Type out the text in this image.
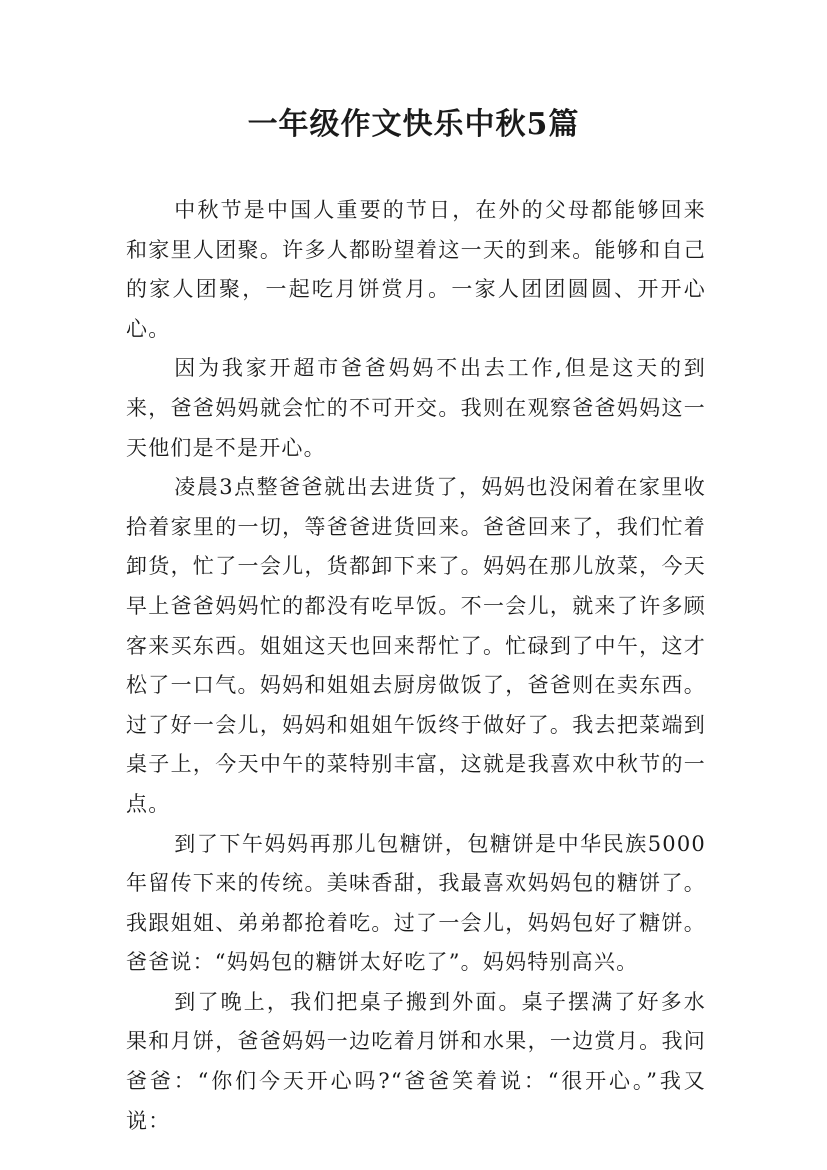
一年级作文快乐中秋5篇

中秋节是中国人重要的节日，在外的父母都能够回来和家里人团聚。许多人都盼望着这一天的到来。能够和自己的家人团聚，一起吃月饼赏月。一家人团团圆圆、开开心心。

因为我家开超市爸爸妈妈不出去工作,但是这天的到来，爸爸妈妈就会忙的不可开交。我则在观察爸爸妈妈这一天他们是不是开心。

凌晨3点整爸爸就出去进货了，妈妈也没闲着在家里收拾着家里的一切，等爸爸进货回来。爸爸回来了，我们忙着卸货，忙了一会儿，货都卸下来了。妈妈在那儿放菜，今天早上爸爸妈妈忙的都没有吃早饭。不一会儿，就来了许多顾客来买东西。姐姐这天也回来帮忙了。忙碌到了中午，这才松了一口气。妈妈和姐姐去厨房做饭了，爸爸则在卖东西。过了好一会儿，妈妈和姐姐午饭终于做好了。我去把菜端到桌子上，今天中午的菜特别丰富，这就是我喜欢中秋节的一点。

到了下午妈妈再那儿包糖饼，包糖饼是中华民族5000年留传下来的传统。美味香甜，我最喜欢妈妈包的糖饼了。我跟姐姐、弟弟都抢着吃。过了一会儿，妈妈包好了糖饼。爸爸说：“妈妈包的糖饼太好吃了”。妈妈特别高兴。

到了晚上，我们把桌子搬到外面。桌子摆满了好多水果和月饼，爸爸妈妈一边吃着月饼和水果，一边赏月。我问爸爸：“你们今天开心吗?“爸爸笑着说：“很开心。”我又说：
